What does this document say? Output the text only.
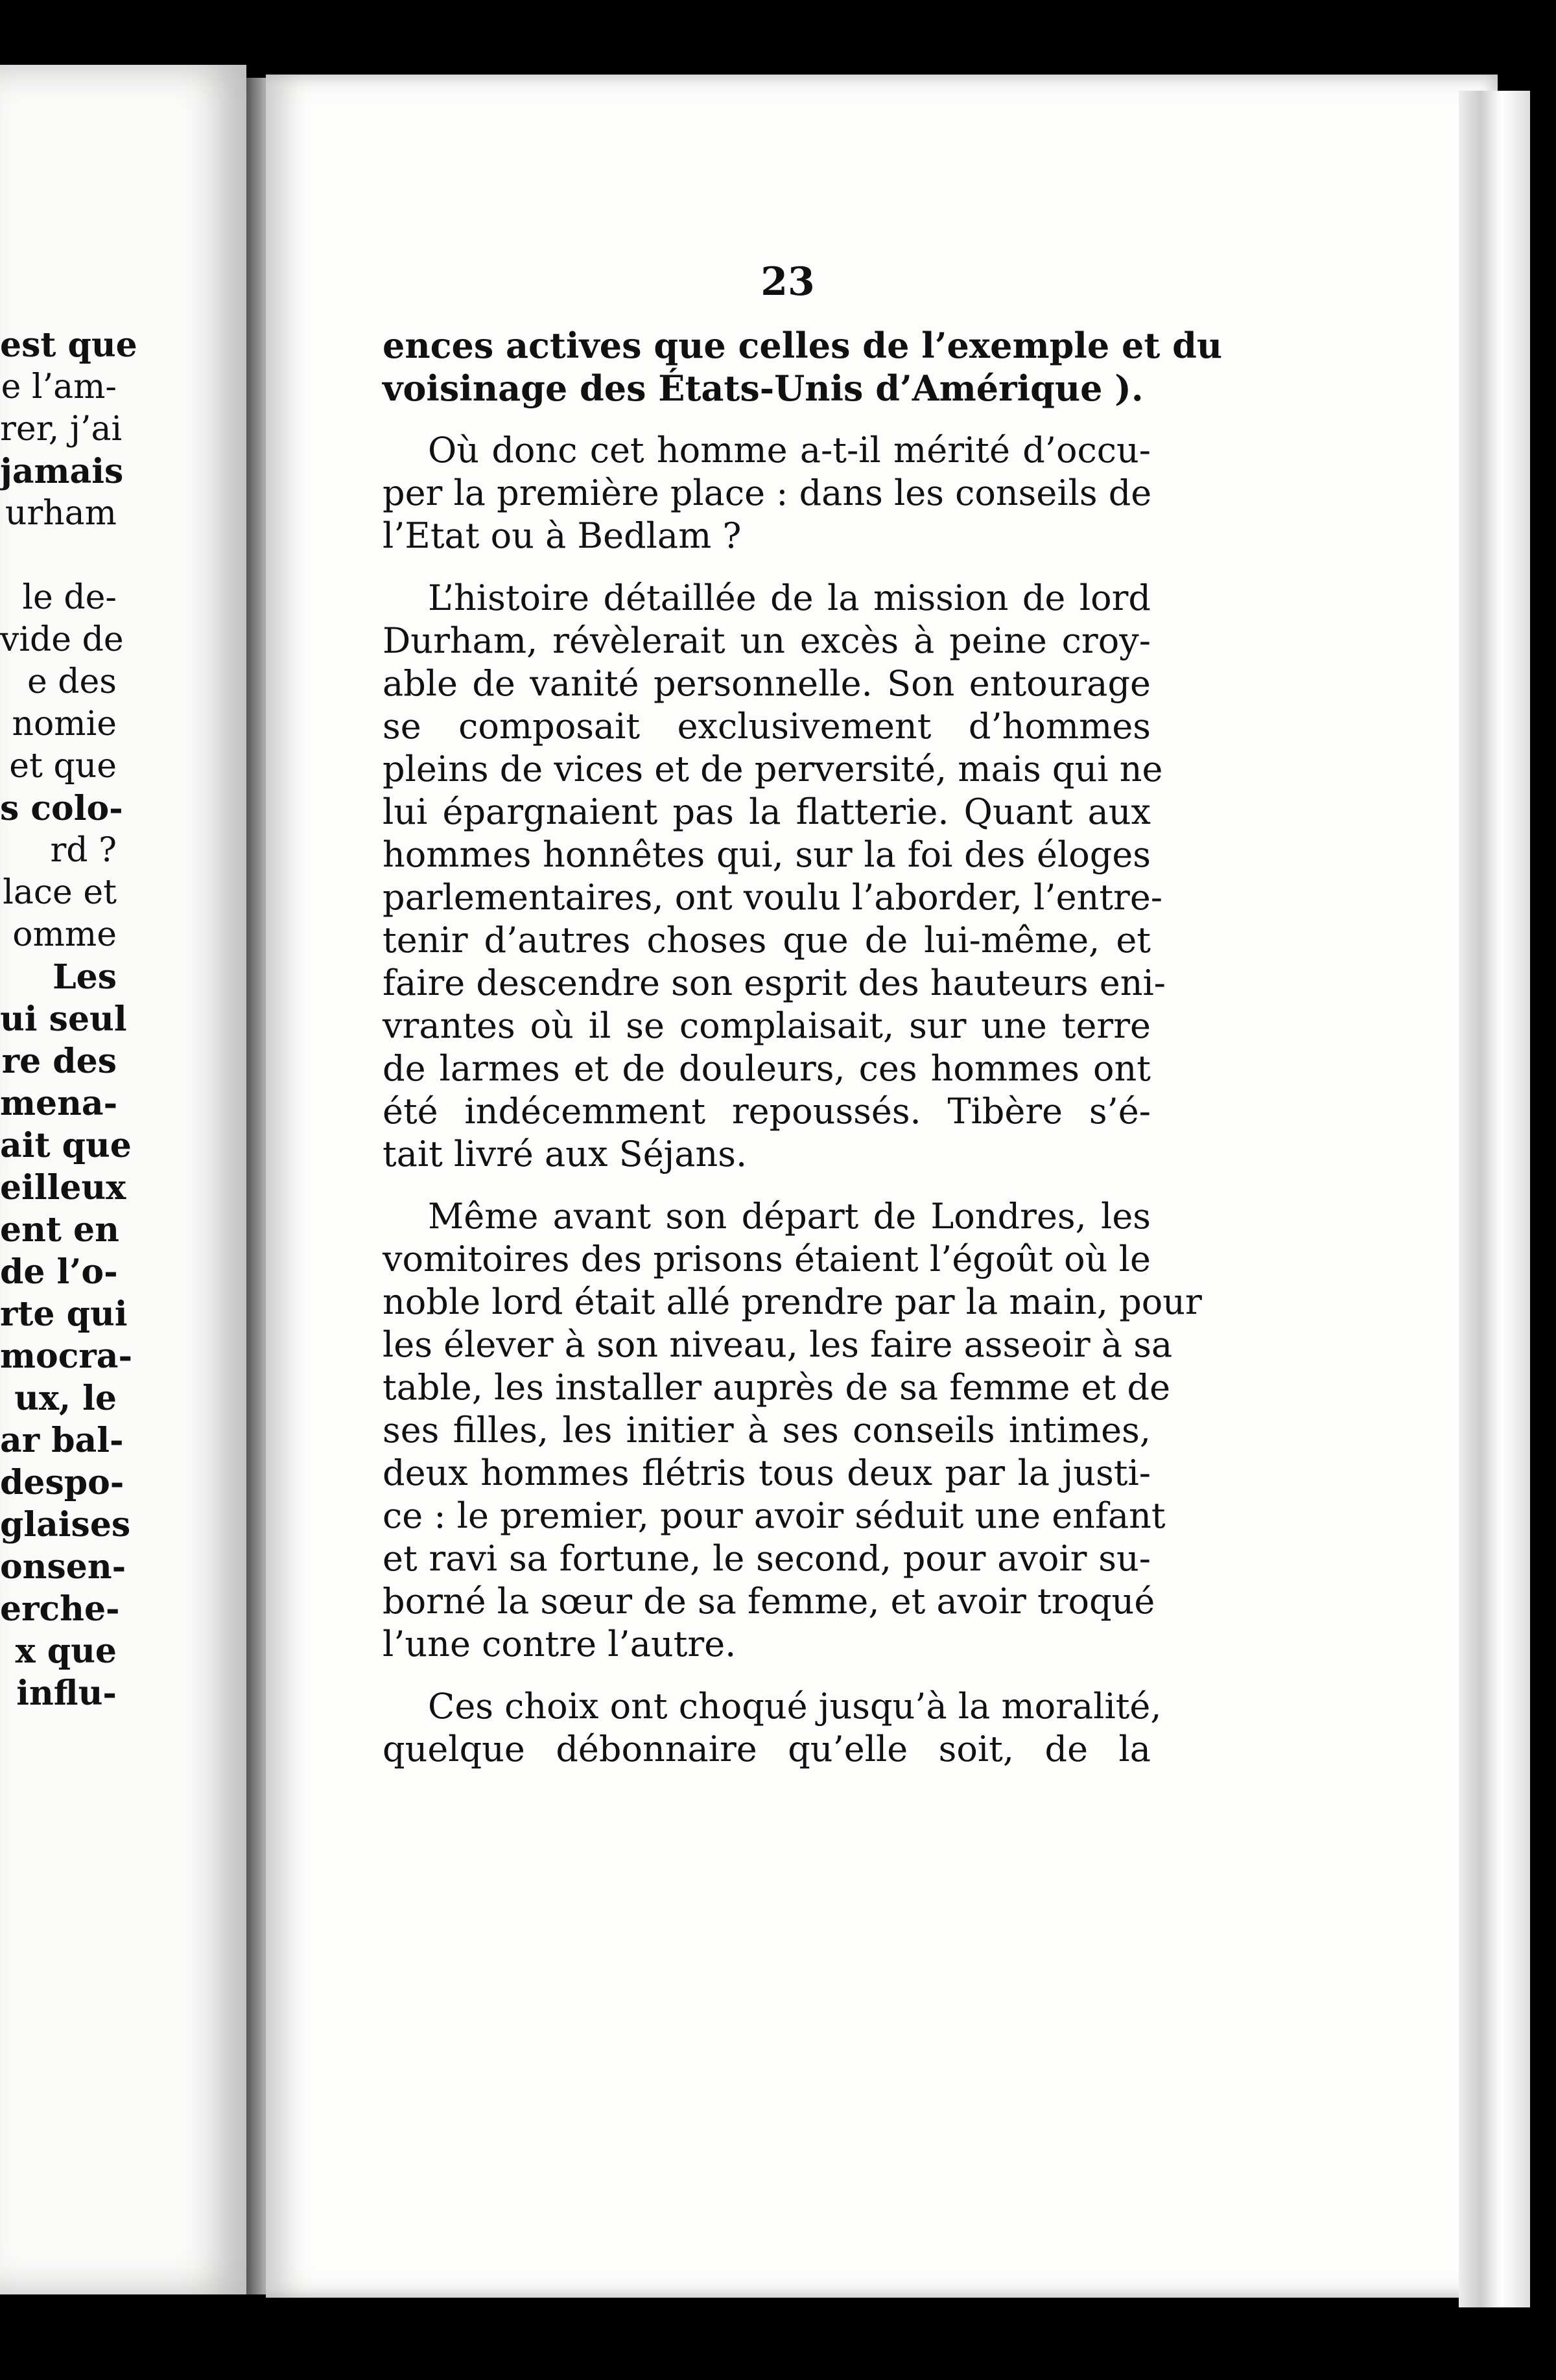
est que
e l’am-
rer, j’ai
jamais
urham
le de-
vide de
e des
nomie
et que
s colo-
rd ?
lace et
omme
Les
ui seul
re des
mena-
ait que
eilleux
ent en
de l’o-
rte qui
mocra-
ux, le
ar bal-
despo-
glaises
onsen-
erche-
x que
influ-
23
ences actives que celles de l’exemple et du
voisinage des États-Unis d’Amérique ).
Où donc cet homme a-t-il mérité d’occu-
per la première place : dans les conseils de
l’Etat ou à Bedlam ?
L’histoire détaillée de la mission de lord
Durham, révèlerait un excès à peine croy-
able de vanité personnelle. Son entourage
se composait exclusivement d’hommes
pleins de vices et de perversité, mais qui ne
lui épargnaient pas la flatterie. Quant aux
hommes honnêtes qui, sur la foi des éloges
parlementaires, ont voulu l’aborder, l’entre-
tenir d’autres choses que de lui-même, et
faire descendre son esprit des hauteurs eni-
vrantes où il se complaisait, sur une terre
de larmes et de douleurs, ces hommes ont
été indécemment repoussés. Tibère s’é-
tait livré aux Séjans.
Même avant son départ de Londres, les
vomitoires des prisons étaient l’égoût où le
noble lord était allé prendre par la main, pour
les élever à son niveau, les faire asseoir à sa
table, les installer auprès de sa femme et de
ses filles, les initier à ses conseils intimes,
deux hommes flétris tous deux par la justi-
ce : le premier, pour avoir séduit une enfant
et ravi sa fortune, le second, pour avoir su-
borné la sœur de sa femme, et avoir troqué
l’une contre l’autre.
Ces choix ont choqué jusqu’à la moralité,
quelque débonnaire qu’elle soit, de la
